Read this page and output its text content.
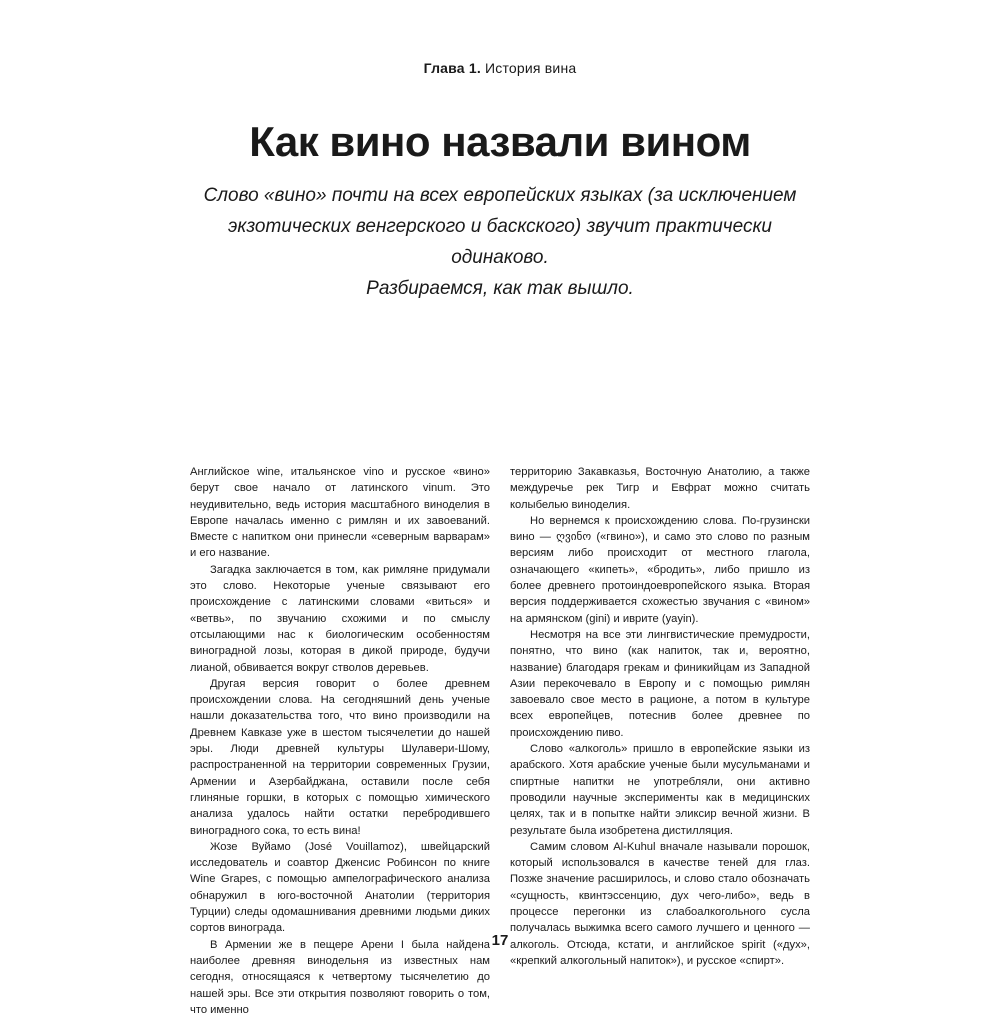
Глава 1. История вина
Как вино назвали вином
Слово «вино» почти на всех европейских языках (за исключением
экзотических венгерского и баскского) звучит практически одинаково.
Разбираемся, как так вышло.

Английское wine, итальянское vino и русское «вино» берут свое начало от латинского vinum. Это неудивительно, ведь история масштабного виноделия в Европе началась именно с римлян и их завоеваний. Вместе с напитком они принесли «северным варварам» и его название.

Загадка заключается в том, как римляне придумали это слово. Некоторые ученые связывают его происхождение с латинскими словами «виться» и «ветвь», по звучанию схожими и по смыслу отсылающими нас к биологическим особенностям виноградной лозы, которая в дикой природе, будучи лианой, обвивается вокруг стволов деревьев.

Другая версия говорит о более древнем происхождении слова. На сегодняшний день ученые нашли доказательства того, что вино производили на Древнем Кавказе уже в шестом тысячелетии до нашей эры. Люди древней культуры Шулавери-Шому, распространенной на территории современных Грузии, Армении и Азербайджана, оставили после себя глиняные горшки, в которых с помощью химического анализа удалось найти остатки перебродившего виноградного сока, то есть вина!

Жозе Вуйамо (José Vouillamoz), швейцарский исследователь и соавтор Дженсис Робинсон по книге Wine Grapes, с помощью ампелографического анализа обнаружил в юго-восточной Анатолии (территория Турции) следы одомашнивания древними людьми диких сортов винограда.

В Армении же в пещере Арени I была найдена наиболее древняя винодельня из известных нам сегодня, относящаяся к четвертому тысячелетию до нашей эры. Все эти открытия позволяют говорить о том, что именно

территорию Закавказья, Восточную Анатолию, а также междуречье рек Тигр и Евфрат можно считать колыбелью виноделия.

Но вернемся к происхождению слова. По-грузински вино — ღვინო («гвино»), и само это слово по разным версиям либо происходит от местного глагола, означающего «кипеть», «бродить», либо пришло из более древнего протоиндоевропейского языка. Вторая версия поддерживается схожестью звучания с «вином» на армянском (gini) и иврите (yayin).

Несмотря на все эти лингвистические премудрости, понятно, что вино (как напиток, так и, вероятно, название) благодаря грекам и финикийцам из Западной Азии перекочевало в Европу и с помощью римлян завоевало свое место в рационе, а потом в культуре всех европейцев, потеснив более древнее по происхождению пиво.

Слово «алкоголь» пришло в европейские языки из арабского. Хотя арабские ученые были мусульманами и спиртные напитки не употребляли, они активно проводили научные эксперименты как в медицинских целях, так и в попытке найти эликсир вечной жизни. В результате была изобретена дистилляция.

Самим словом Al-Kuhul вначале называли порошок, который использовался в качестве теней для глаз. Позже значение расширилось, и слово стало обозначать «сущность, квинтэссенцию, дух чего-либо», ведь в процессе перегонки из слабоалкогольного сусла получалась выжимка всего самого лучшего и ценного — алкоголь. Отсюда, кстати, и английское spirit («дух», «крепкий алкогольный напиток»), и русское «спирт».

17
